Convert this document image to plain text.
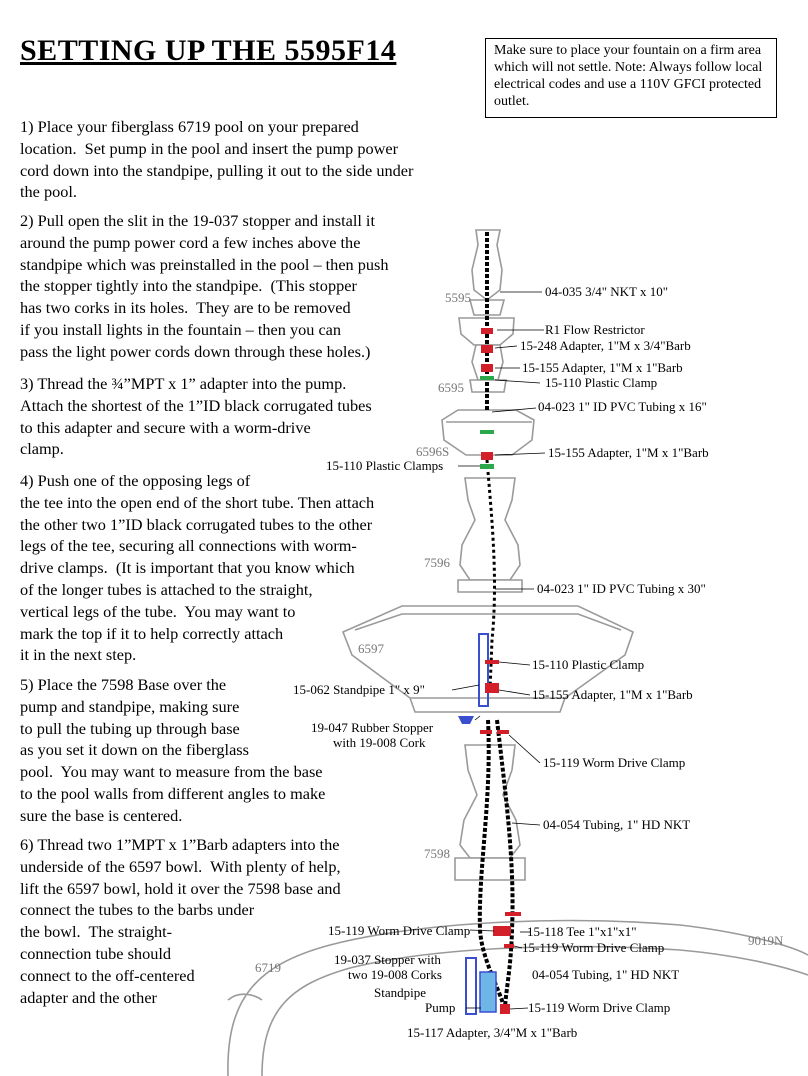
SETTING UP THE 5595F14	Make sure to place your fountain on a firm area which will not settle. Note: Always follow local electrical codes and use a 110V GFCI protected outlet.
1) Place your fiberglass 6719 pool on your prepared
location.  Set pump in the pool and insert the pump power
cord down into the standpipe, pulling it out to the side under
the pool.
2) Pull open the slit in the 19-037 stopper and install it
around the pump power cord a few inches above the
standpipe which was preinstalled in the pool – then push
the stopper tightly into the standpipe.  (This stopper
has two corks in its holes.  They are to be removed
if you install lights in the fountain – then you can
pass the light power cords down through these holes.)
3) Thread the ¾”MPT x 1” adapter into the pump.
Attach the shortest of the 1”ID black corrugated tubes
to this adapter and secure with a worm-drive
clamp.
4) Push one of the opposing legs of
the tee into the open end of the short tube. Then attach
the other two 1”ID black corrugated tubes to the other
legs of the tee, securing all connections with worm-
drive clamps.  (It is important that you know which
of the longer tubes is attached to the straight,
vertical legs of the tube.  You may want to
mark the top if it to help correctly attach
it in the next step.
5) Place the 7598 Base over the
pump and standpipe, making sure
to pull the tubing up through base
as you set it down on the fiberglass
pool.  You may want to measure from the base
to the pool walls from different angles to make
sure the base is centered.
6) Thread two 1”MPT x 1”Barb adapters into the
underside of the 6597 bowl.  With plenty of help,
lift the 6597 bowl, hold it over the 7598 base and
connect the tubes to the barbs under
the bowl.  The straight-
connection tube should
connect to the off-centered
adapter and the other
5595
6595
6596S
7596
6597
7598
6719
9019N
04-035 3/4" NKT x 10"
R1 Flow Restrictor
15-248 Adapter, 1"M x 3/4"Barb
15-155 Adapter, 1"M x 1"Barb
15-110 Plastic Clamp
04-023 1" ID PVC Tubing x 16"
15-155 Adapter, 1"M x 1"Barb
15-110 Plastic Clamps
04-023 1" ID PVC Tubing x 30"
15-110 Plastic Clamp
15-062 Standpipe 1" x 9"	15-155 Adapter, 1"M x 1"Barb
19-047 Rubber Stopper
with 19-008 Cork
15-119 Worm Drive Clamp
04-054 Tubing, 1" HD NKT
15-119 Worm Drive Clamp	15-118 Tee 1"x1"x1"
15-119 Worm Drive Clamp
19-037 Stopper with
two 19-008 Corks	04-054 Tubing, 1" HD NKT
Standpipe
Pump	15-119 Worm Drive Clamp
15-117 Adapter, 3/4"M x 1"Barb
